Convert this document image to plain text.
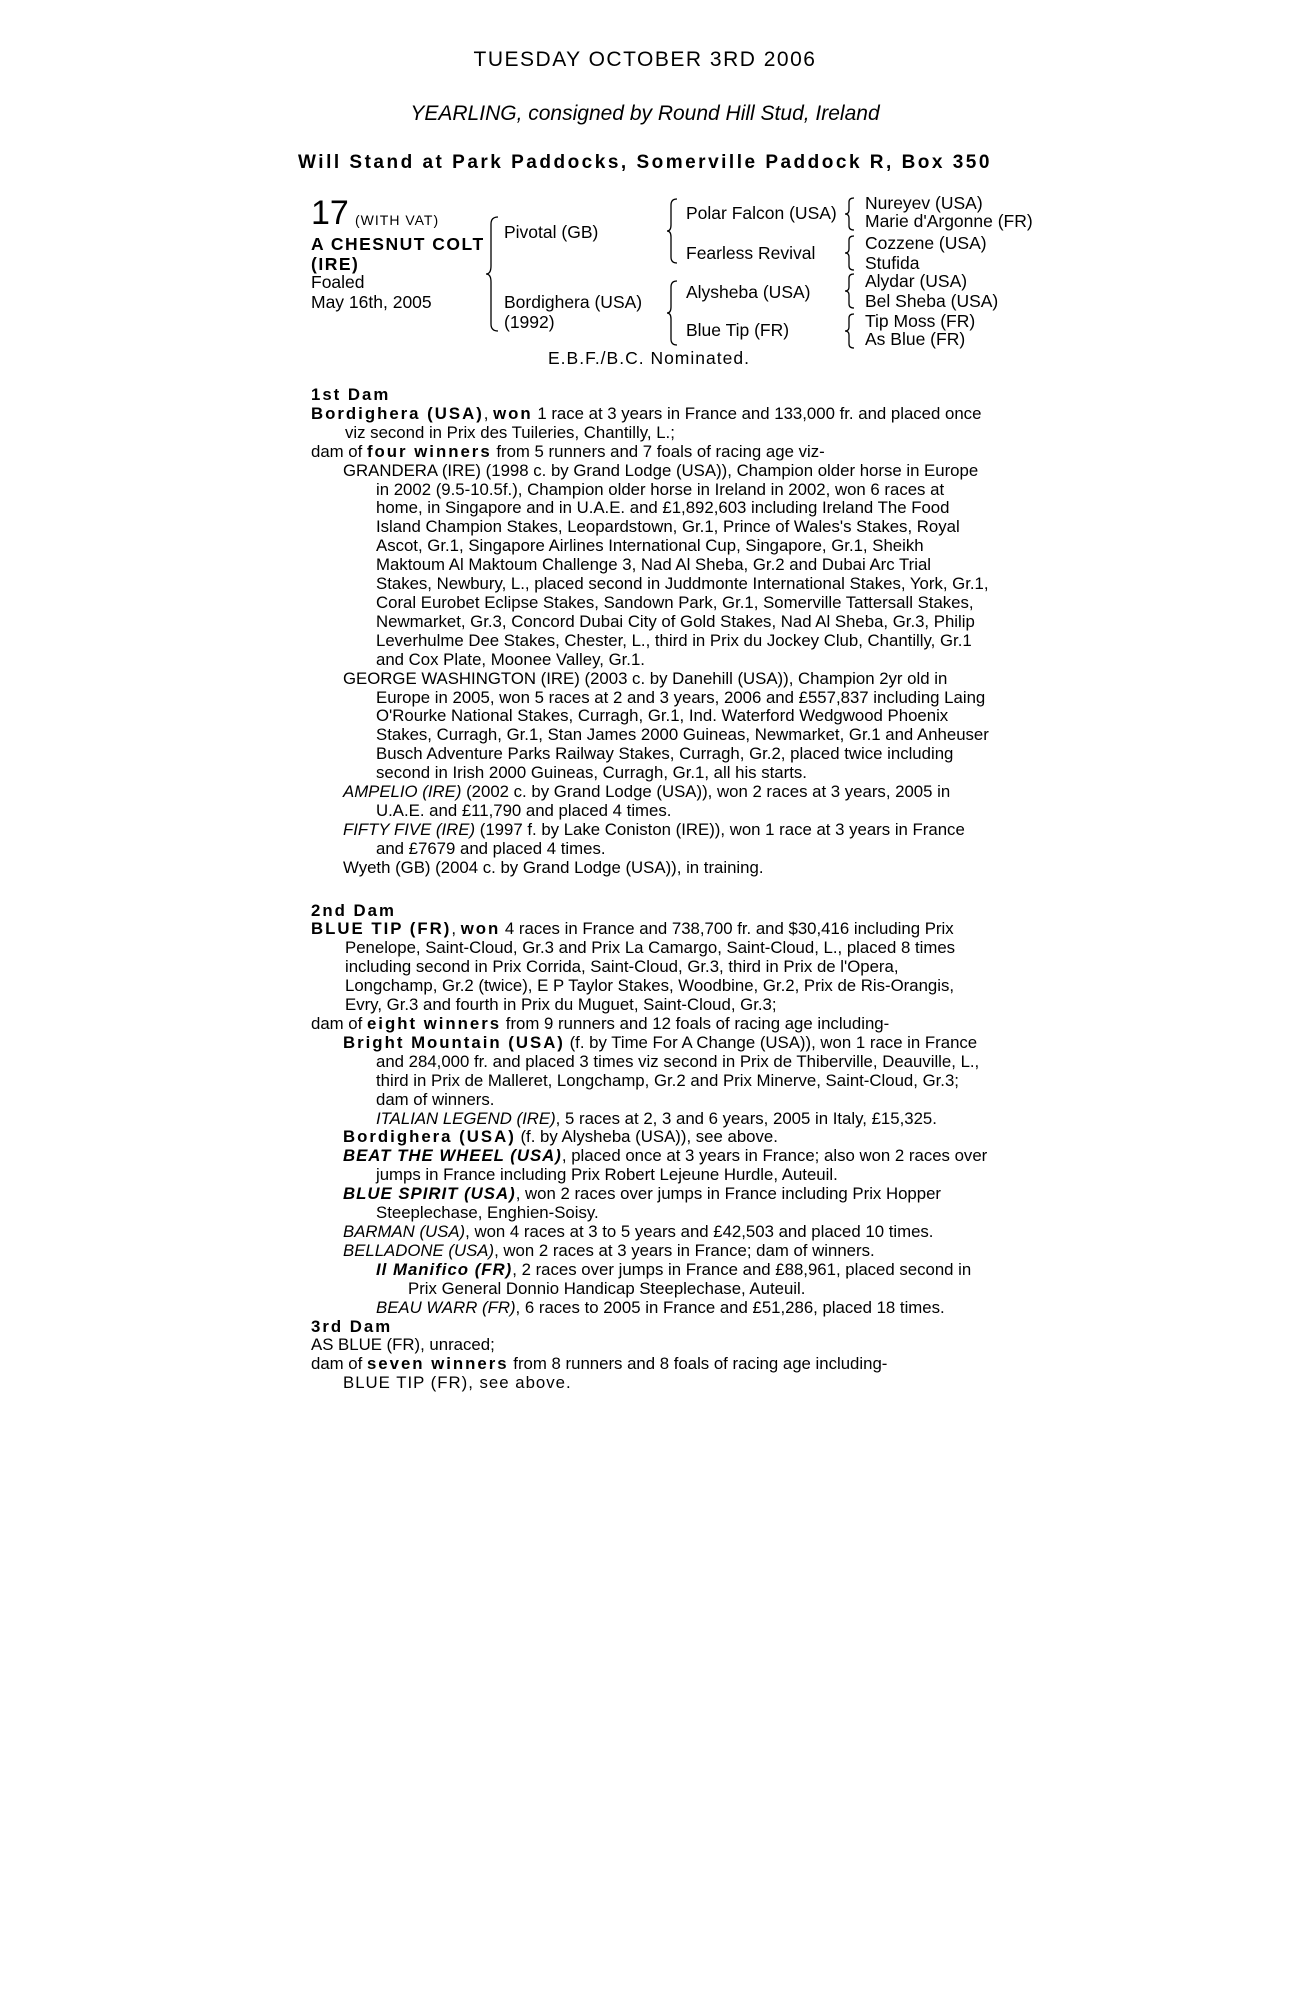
TUESDAY OCTOBER 3RD 2006
YEARLING, consigned by Round Hill Stud, Ireland
Will Stand at Park Paddocks, Somerville Paddock R, Box 350
17 (WITH VAT)
A CHESNUT COLT
(IRE)
Foaled
May 16th, 2005
Pivotal (GB)
Bordighera (USA)
(1992)
Polar Falcon (USA)
Fearless Revival
Alysheba (USA)
Blue Tip (FR)
Nureyev (USA)
Marie d'Argonne (FR)
Cozzene (USA)
Stufida
Alydar (USA)
Bel Sheba (USA)
Tip Moss (FR)
As Blue (FR)
E.B.F./B.C. Nominated.

1st Dam

Bordighera (USA), won 1 race at 3 years in France and 133,000 fr. and placed once viz second in Prix des Tuileries, Chantilly, L.;

dam of four winners from 5 runners and 7 foals of racing age viz-

GRANDERA (IRE) (1998 c. by Grand Lodge (USA)), Champion older horse in Europe in 2002 (9.5-10.5f.), Champion older horse in Ireland in 2002, won 6 races at home, in Singapore and in U.A.E. and £1,892,603 including Ireland The Food Island Champion Stakes, Leopardstown, Gr.1, Prince of Wales's Stakes, Royal Ascot, Gr.1, Singapore Airlines International Cup, Singapore, Gr.1, Sheikh Maktoum Al Maktoum Challenge 3, Nad Al Sheba, Gr.2 and Dubai Arc Trial Stakes, Newbury, L., placed second in Juddmonte International Stakes, York, Gr.1, Coral Eurobet Eclipse Stakes, Sandown Park, Gr.1, Somerville Tattersall Stakes, Newmarket, Gr.3, Concord Dubai City of Gold Stakes, Nad Al Sheba, Gr.3, Philip Leverhulme Dee Stakes, Chester, L., third in Prix du Jockey Club, Chantilly, Gr.1 and Cox Plate, Moonee Valley, Gr.1.

GEORGE WASHINGTON (IRE) (2003 c. by Danehill (USA)), Champion 2yr old in Europe in 2005, won 5 races at 2 and 3 years, 2006 and £557,837 including Laing O'Rourke National Stakes, Curragh, Gr.1, Ind. Waterford Wedgwood Phoenix Stakes, Curragh, Gr.1, Stan James 2000 Guineas, Newmarket, Gr.1 and Anheuser Busch Adventure Parks Railway Stakes, Curragh, Gr.2, placed twice including second in Irish 2000 Guineas, Curragh, Gr.1, all his starts.

AMPELIO (IRE) (2002 c. by Grand Lodge (USA)), won 2 races at 3 years, 2005 in U.A.E. and £11,790 and placed 4 times.

FIFTY FIVE (IRE) (1997 f. by Lake Coniston (IRE)), won 1 race at 3 years in France and £7679 and placed 4 times.

Wyeth (GB) (2004 c. by Grand Lodge (USA)), in training.

2nd Dam

BLUE TIP (FR), won 4 races in France and 738,700 fr. and $30,416 including Prix Penelope, Saint-Cloud, Gr.3 and Prix La Camargo, Saint-Cloud, L., placed 8 times including second in Prix Corrida, Saint-Cloud, Gr.3, third in Prix de l'Opera, Longchamp, Gr.2 (twice), E P Taylor Stakes, Woodbine, Gr.2, Prix de Ris-Orangis, Evry, Gr.3 and fourth in Prix du Muguet, Saint-Cloud, Gr.3;

dam of eight winners from 9 runners and 12 foals of racing age including-

Bright Mountain (USA) (f. by Time For A Change (USA)), won 1 race in France and 284,000 fr. and placed 3 times viz second in Prix de Thiberville, Deauville, L., third in Prix de Malleret, Longchamp, Gr.2 and Prix Minerve, Saint-Cloud, Gr.3; dam of winners.

ITALIAN LEGEND (IRE), 5 races at 2, 3 and 6 years, 2005 in Italy, £15,325.

Bordighera (USA) (f. by Alysheba (USA)), see above.

BEAT THE WHEEL (USA), placed once at 3 years in France; also won 2 races over jumps in France including Prix Robert Lejeune Hurdle, Auteuil.

BLUE SPIRIT (USA), won 2 races over jumps in France including Prix Hopper Steeplechase, Enghien-Soisy.

BARMAN (USA), won 4 races at 3 to 5 years and £42,503 and placed 10 times.

BELLADONE (USA), won 2 races at 3 years in France; dam of winners.

Il Manifico (FR), 2 races over jumps in France and £88,961, placed second in Prix General Donnio Handicap Steeplechase, Auteuil.

BEAU WARR (FR), 6 races to 2005 in France and £51,286, placed 18 times.

3rd Dam

AS BLUE (FR), unraced;

dam of seven winners from 8 runners and 8 foals of racing age including-

BLUE TIP (FR), see above.
